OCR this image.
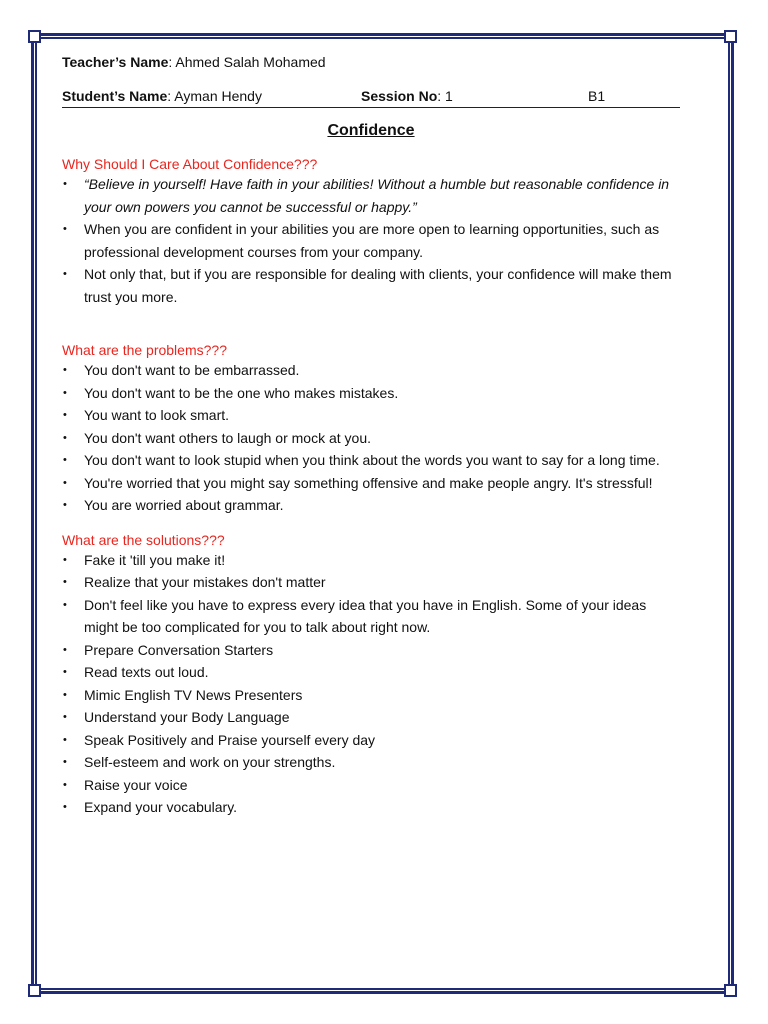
Teacher’s Name: Ahmed Salah Mohamed
Student’s Name: Ayman Hendy	Session No: 1	B1
Confidence

Why Should I Care About Confidence???

• “Believe in yourself! Have faith in your abilities! Without a humble but reasonable confidence in your own powers you cannot be successful or happy.”
• When you are confident in your abilities you are more open to learning opportunities, such as professional development courses from your company.
• Not only that, but if you are responsible for dealing with clients, your confidence will make them trust you more.

What are the problems???

• You don't want to be embarrassed.
• You don't want to be the one who makes mistakes.
• You want to look smart.
• You don't want others to laugh or mock at you.
• You don't want to look stupid when you think about the words you want to say for a long time.
• You're worried that you might say something offensive and make people angry. It's stressful!
• You are worried about grammar.

What are the solutions???

• Fake it 'till you make it!
• Realize that your mistakes don't matter
• Don't feel like you have to express every idea that you have in English. Some of your ideas might be too complicated for you to talk about right now.
• Prepare Conversation Starters
• Read texts out loud.
• Mimic English TV News Presenters
• Understand your Body Language
• Speak Positively and Praise yourself every day
• Self-esteem and work on your strengths.
• Raise your voice
• Expand your vocabulary.
